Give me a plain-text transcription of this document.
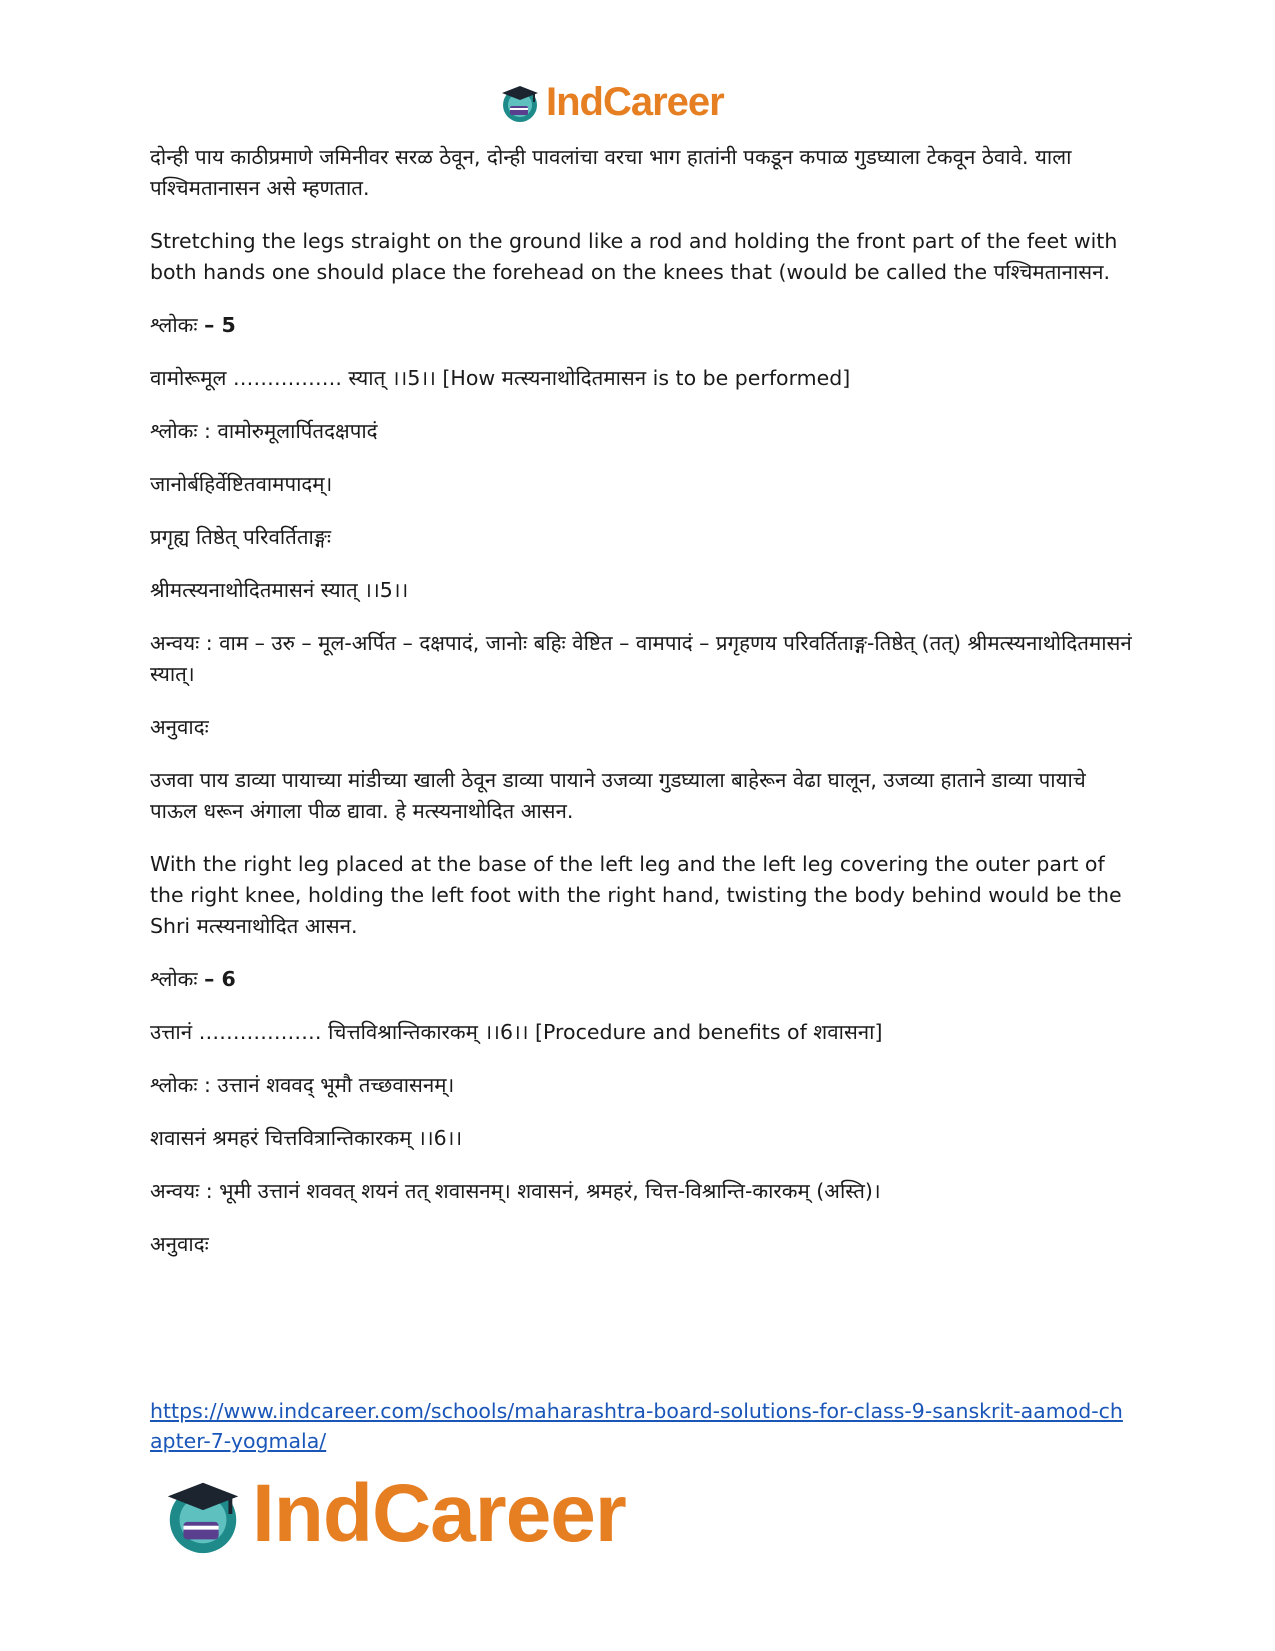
IndCareer

दोन्ही पाय काठीप्रमाणे जमिनीवर सरळ ठेवून, दोन्ही पावलांचा वरचा भाग हातांनी पकडून कपाळ गुडघ्याला टेकवून ठेवावे. याला पश्चिमतानासन असे म्हणतात.

Stretching the legs straight on the ground like a rod and holding the front part of the feet with both hands one should place the forehead on the knees that (would be called the पश्चिमतानासन.

श्लोकः – 5

वामोरूमूल ……………. स्यात् ।।5।। [How मत्स्यनाथोदितमासन is to be performed]

श्लोकः : वामोरुमूलार्पितदक्षपादं

जानोर्बहिर्वेष्टितवामपादम्।

प्रगृह्य तिष्ठेत् परिवर्तिताङ्गः

श्रीमत्स्यनाथोदितमासनं स्यात् ।।5।।

अन्वयः : वाम – उरु – मूल-अर्पित – दक्षपादं, जानोः बहिः वेष्टित – वामपादं – प्रगृहणय परिवर्तिताङ्ग-तिष्ठेत् (तत्) श्रीमत्स्यनाथोदितमासनं स्यात्।

अनुवादः

उजवा पाय डाव्या पायाच्या मांडीच्या खाली ठेवून डाव्या पायाने उजव्या गुडघ्याला बाहेरून वेढा घालून, उजव्या हाताने डाव्या पायाचे पाऊल धरून अंगाला पीळ द्यावा. हे मत्स्यनाथोदित आसन.

With the right leg placed at the base of the left leg and the left leg covering the outer part of the right knee, holding the left foot with the right hand, twisting the body behind would be the Shri मत्स्यनाथोदित आसन.

श्लोकः – 6

उत्तानं ……………… चित्तविश्रान्तिकारकम् ।।6।। [Procedure and benefits of शवासना]

श्लोकः : उत्तानं शववद् भूमौ तच्छवासनम्।

शवासनं श्रमहरं चित्तवित्रान्तिकारकम् ।।6।।

अन्वयः : भूमी उत्तानं शववत् शयनं तत् शवासनम्। शवासनं, श्रमहरं, चित्त-विश्रान्ति-कारकम् (अस्ति)।

अनुवादः

https://www.indcareer.com/schools/maharashtra-board-solutions-for-class-9-sanskrit-aamod-chapter-7-yogmala/
IndCareer
